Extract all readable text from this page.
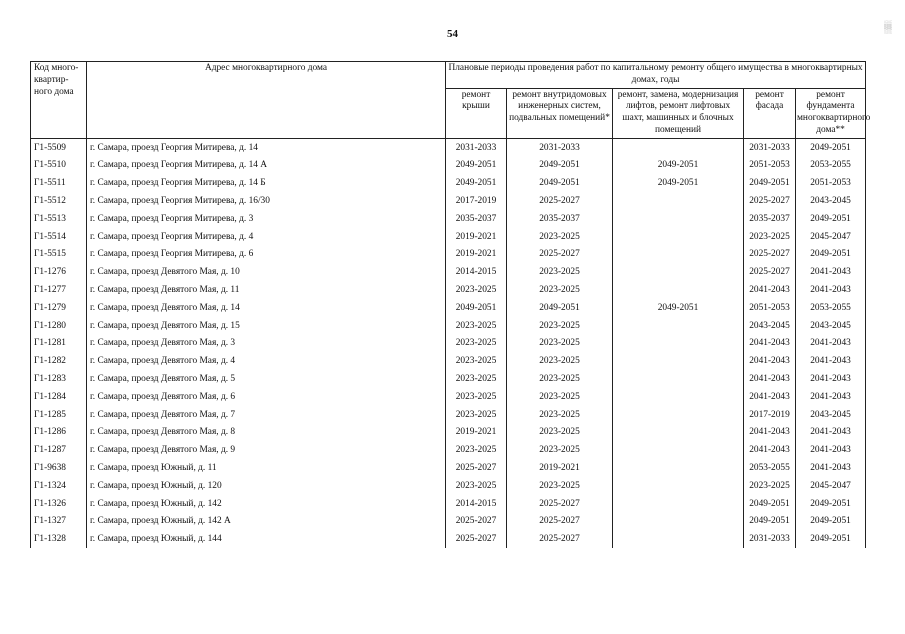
54
░▒░
Код много-квартир-ного дома	Адрес многоквартирного дома	Плановые периоды проведения работ по капитальному ремонту общего имущества в многоквартирных домах, годы				
		ремонт крыши	ремонт внутридомовых инженерных систем, подвальных помещений*	ремонт, замена, модернизация лифтов, ремонт лифтовых шахт, машинных и блочных помещений	ремонт фасада	ремонт фундамента многоквартирного дома**
Г1-5509	г. Самара, проезд Георгия Митирева, д. 14	2031-2033	2031-2033		2031-2033	2049-2051
Г1-5510	г. Самара, проезд Георгия Митирева, д. 14 А	2049-2051	2049-2051	2049-2051	2051-2053	2053-2055
Г1-5511	г. Самара, проезд Георгия Митирева, д. 14 Б	2049-2051	2049-2051	2049-2051	2049-2051	2051-2053
Г1-5512	г. Самара, проезд Георгия Митирева, д. 16/30	2017-2019	2025-2027		2025-2027	2043-2045
Г1-5513	г. Самара, проезд Георгия Митирева, д. 3	2035-2037	2035-2037		2035-2037	2049-2051
Г1-5514	г. Самара, проезд Георгия Митирева, д. 4	2019-2021	2023-2025		2023-2025	2045-2047
Г1-5515	г. Самара, проезд Георгия Митирева, д. 6	2019-2021	2025-2027		2025-2027	2049-2051
Г1-1276	г. Самара, проезд Девятого Мая, д. 10	2014-2015	2023-2025		2025-2027	2041-2043
Г1-1277	г. Самара, проезд Девятого Мая, д. 11	2023-2025	2023-2025		2041-2043	2041-2043
Г1-1279	г. Самара, проезд Девятого Мая, д. 14	2049-2051	2049-2051	2049-2051	2051-2053	2053-2055
Г1-1280	г. Самара, проезд Девятого Мая, д. 15	2023-2025	2023-2025		2043-2045	2043-2045
Г1-1281	г. Самара, проезд Девятого Мая, д. 3	2023-2025	2023-2025		2041-2043	2041-2043
Г1-1282	г. Самара, проезд Девятого Мая, д. 4	2023-2025	2023-2025		2041-2043	2041-2043
Г1-1283	г. Самара, проезд Девятого Мая, д. 5	2023-2025	2023-2025		2041-2043	2041-2043
Г1-1284	г. Самара, проезд Девятого Мая, д. 6	2023-2025	2023-2025		2041-2043	2041-2043
Г1-1285	г. Самара, проезд Девятого Мая, д. 7	2023-2025	2023-2025		2017-2019	2043-2045
Г1-1286	г. Самара, проезд Девятого Мая, д. 8	2019-2021	2023-2025		2041-2043	2041-2043
Г1-1287	г. Самара, проезд Девятого Мая, д. 9	2023-2025	2023-2025		2041-2043	2041-2043
Г1-9638	г. Самара, проезд Южный, д. 11	2025-2027	2019-2021		2053-2055	2041-2043
Г1-1324	г. Самара, проезд Южный, д. 120	2023-2025	2023-2025		2023-2025	2045-2047
Г1-1326	г. Самара, проезд Южный, д. 142	2014-2015	2025-2027		2049-2051	2049-2051
Г1-1327	г. Самара, проезд Южный, д. 142 А	2025-2027	2025-2027		2049-2051	2049-2051
Г1-1328	г. Самара, проезд Южный, д. 144	2025-2027	2025-2027		2031-2033	2049-2051
